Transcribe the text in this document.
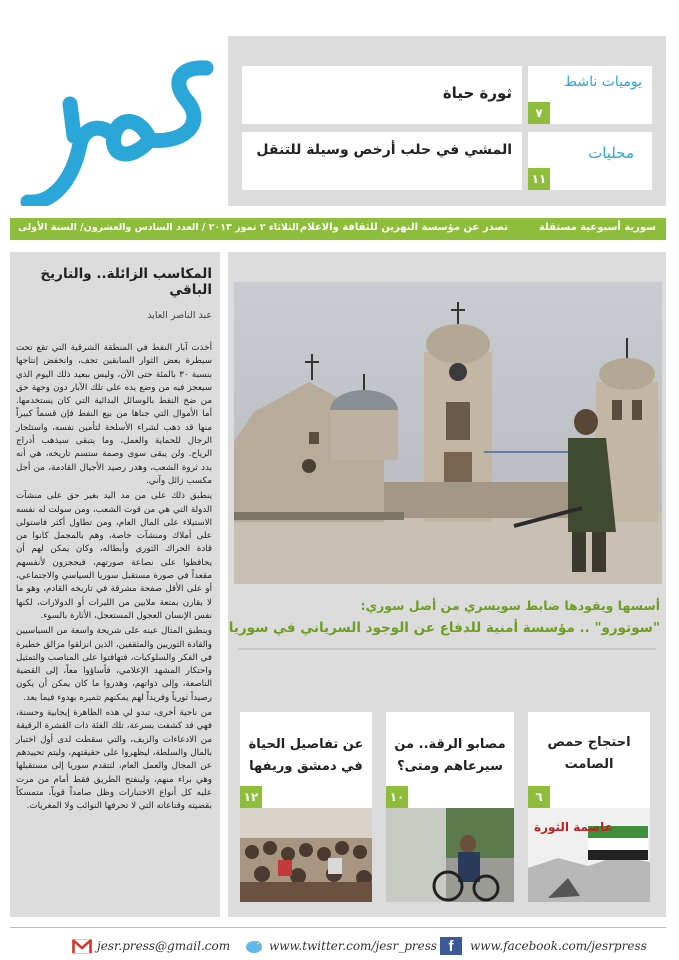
ثورة حياة
يوميات ناشط
٧
المشي في حلب أرخص وسيلة للتنقل	محليات
١١
سورية أسبوعية مستقلة
تصدر عن مؤسسة النهرين للثقافة والاعلام
الثلاثاء ٢ تموز ٢٠١٣ / العدد السادس والعشرون/ السنة الأولى
المكاسب الزائلة.. والتاريخ الباقي
عبد الناصر العايد

أخذت آبار النفط في المنطقة الشرقية التي تقع تحت سيطرة بعض الثوار السابقين تجف، وانخفض إنتاجها بنسبة ٣٠ بالمئة حتى الآن، وليس ببعيد ذلك اليوم الذي سيعجز فيه من وضع يده على تلك الآبار دون وجهة حق من ضخ النفط بالوسائل البدائية التي كان يستخدمها. أما الأموال التي جناها من بيع النفط فإن قسماً كبيراً منها قد ذهب لشراء الأسلحة لتأمين نفسه، واستئجار الرجال للحماية والعمل، وما يتبقى سيذهب أدراج الرياح. ولن يبقى سوى وصمة ستسم تاريخه، هي أنه بدد ثروة الشعب، وهدر رصيد الأجيال القادمة، من أجل مكسب زائل وآني.

ينطبق ذلك على من مد اليد بغير حق على منشآت الدولة التي هي من قوت الشعب، ومن سولت له نفسه الاستيلاء على المال العام، ومن تطاول أكثر فاستولى على أملاك ومنشآت خاصة، وهم بالمجمل كانوا من قادة الحراك الثوري وأبطاله، وكان يمكن لهم أن يحافظوا على نصاعة صورتهم، فيحجزون لأنفسهم مقعداً في صورة مستقبل سوريا السياسي والاجتماعي، أو على الأقل صفحة مشرقة في تاريخه القادم، وهو ما لا يقارن بمتعة ملايين من الليرات أو الدولارات، لكنها نفس الإنسان العجول المستعجل، الأثارة بالسوء.

وينطبق المثال عينه على شريحة واسعة من السياسيين والقادة الثوريين والمثقفين، الذين انزلقوا مزالق خطيرة في الفكر والسلوكيات، فتهافتوا على المناصب والتمثيل واحتكار المشهد الإعلامي، فأساؤوا معاً، إلى القضية الناصعة، وإلى ذواتهم، وهدروا ما كان يمكن أن يكون رصيداً ثورياً وفريداً لهم يمكنهم تثميره بهدوء فيما بعد.

من ناحية أخرى، تبدو لي هذه الظاهرة إيجابية وحسنة، فهي قد كشفت بسرعة، تلك الفئة ذات القشرة الرقيقة من الادعاءات والزيف، والتي سقطت لدى أول اختبار بالمال والسلطة، ليظهروا على حقيقتهم، وليتم تحييدهم عن المجال والعمل العام، لتتقدم سوريا إلى مستقبلها وهي براء منهم، ولينفتح الطريق فقط أمام من مرت عليه كل أنواع الاختبارات وظل صامداً قوياً، متمسكاً بقضيته وقناعاته التي لا تحرفها النوائب ولا المغريات.

أسسها ويقودها ضابط سويسري من أصل سوري:
"سوتورو" .. مؤسسة أمنية للدفاع عن الوجود السرياني في سوريا
احتجاج حمص الصامت
٦
عاصمة الثورة
مصابو الرقة.. من سيرعاهم ومتى؟
١٠
عن تفاصيل الحياة في دمشق وريفها
١٢
jesr.press@gmail.com	www.twitter.com/jesr_press f	www.facebook.com/jesrpress
